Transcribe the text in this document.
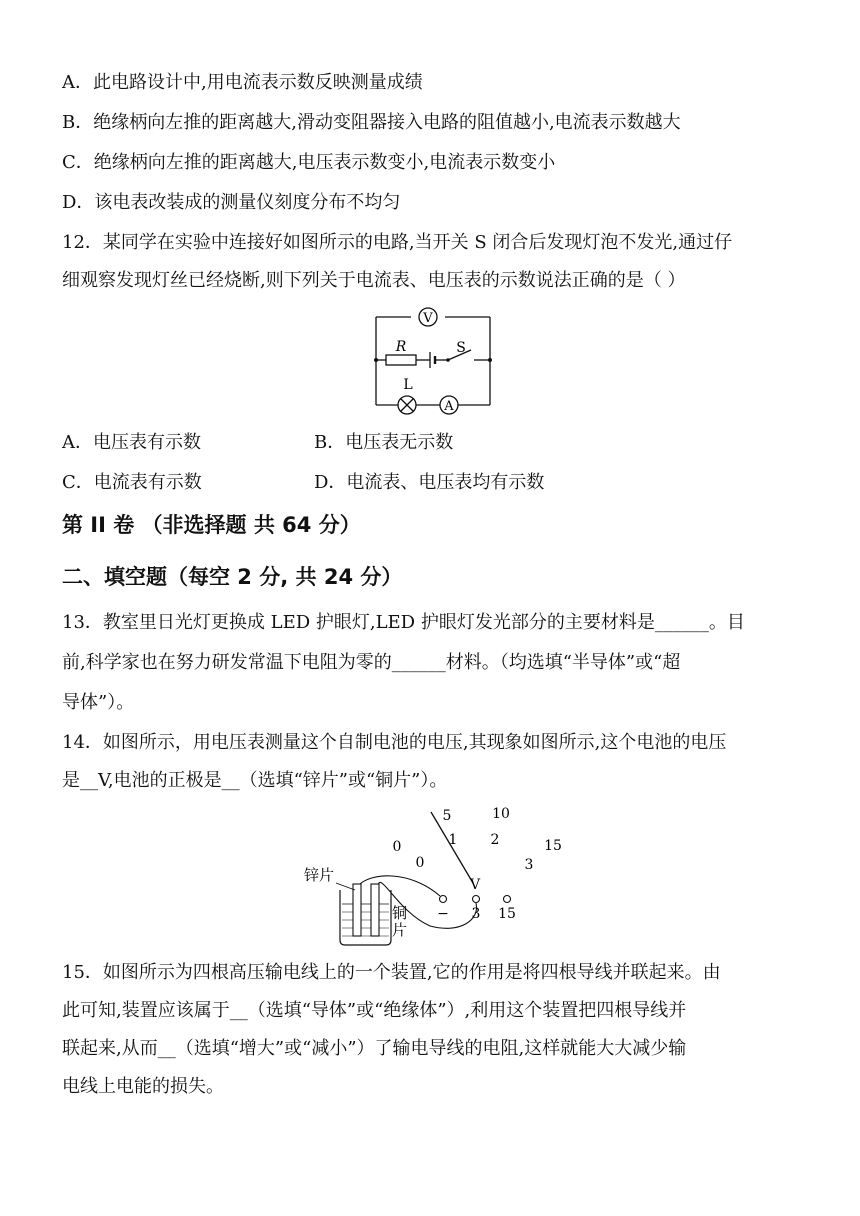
A．此电路设计中,用电流表示数反映测量成绩
B．绝缘柄向左推的距离越大,滑动变阻器接入电路的阻值越小,电流表示数越大
C．绝缘柄向左推的距离越大,电压表示数变小,电流表示数变小
D．该电表改装成的测量仪刻度分布不均匀
12．某同学在实验中连接好如图所示的电路,当开关 S 闭合后发现灯泡不发光,通过仔
细观察发现灯丝已经烧断,则下列关于电流表、电压表的示数说法正确的是（ ）
V
A
R	S
L
A．电压表有示数	B．电压表无示数
C．电流表有示数	D．电流表、电压表均有示数
第 II 卷 （非选择题 共 64 分）
二、填空题（每空 2 分, 共 24 分）
13．教室里日光灯更换成 LED 护眼灯,LED 护眼灯发光部分的主要材料是______。目
前,科学家也在努力研发常温下电阻为零的______材料。（均选填“半导体”或“超
导体”）。
14．如图所示，用电压表测量这个自制电池的电压,其现象如图所示,这个电池的电压
是__V,电池的正极是__（选填“锌片”或“铜片”）。
0
5	10
15
0
1 2
3
V
− 3 15
锌片
铜
片
15．如图所示为四根高压输电线上的一个装置,它的作用是将四根导线并联起来。由
此可知,装置应该属于__（选填“导体”或“绝缘体”）,利用这个装置把四根导线并
联起来,从而__（选填“增大”或“减小”）了输电导线的电阻,这样就能大大减少输
电线上电能的损失。
